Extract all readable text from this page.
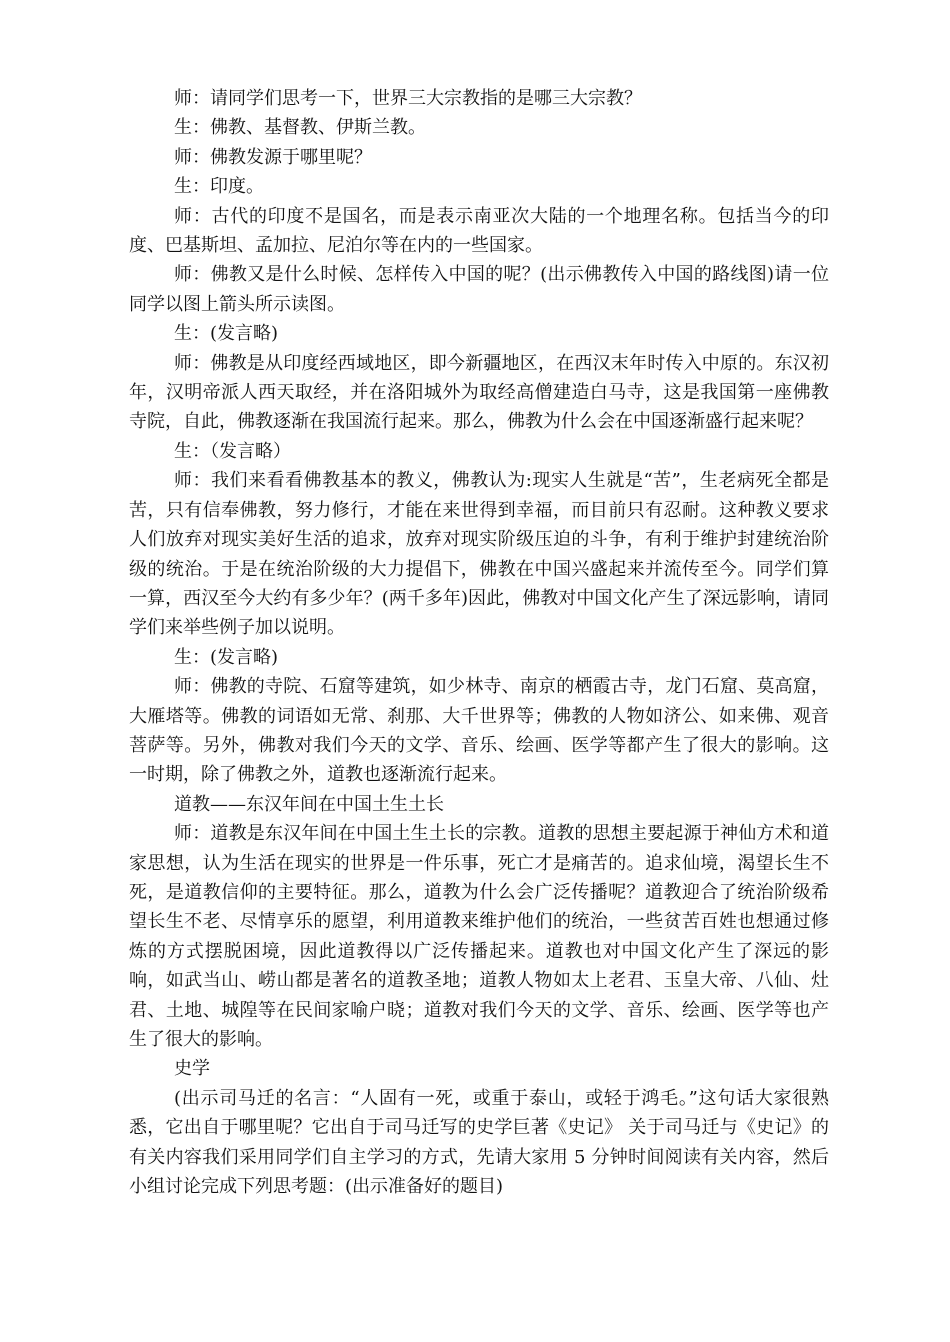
师：请同学们思考一下，世界三大宗教指的是哪三大宗教？

生：佛教、基督教、伊斯兰教。

师：佛教发源于哪里呢？

生：印度。

师：古代的印度不是国名，而是表示南亚次大陆的一个地理名称。包括当今的印度、巴基斯坦、孟加拉、尼泊尔等在内的一些国家。

师：佛教又是什么时候、怎样传入中国的呢？(出示佛教传入中国的路线图)请一位同学以图上箭头所示读图。

生：(发言略)

师：佛教是从印度经西域地区，即今新疆地区，在西汉末年时传入中原的。东汉初年，汉明帝派人西天取经，并在洛阳城外为取经高僧建造白马寺，这是我国第一座佛教寺院，自此，佛教逐渐在我国流行起来。那么，佛教为什么会在中国逐渐盛行起来呢？

生：（发言略）

师：我们来看看佛教基本的教义，佛教认为:现实人生就是“苦”，生老病死全都是苦，只有信奉佛教，努力修行，才能在来世得到幸福，而目前只有忍耐。这种教义要求人们放弃对现实美好生活的追求，放弃对现实阶级压迫的斗争，有利于维护封建统治阶级的统治。于是在统治阶级的大力提倡下，佛教在中国兴盛起来并流传至今。同学们算一算，西汉至今大约有多少年？(两千多年)因此，佛教对中国文化产生了深远影响，请同学们来举些例子加以说明。

生：(发言略)

师：佛教的寺院、石窟等建筑，如少林寺、南京的栖霞古寺，龙门石窟、莫高窟，大雁塔等。佛教的词语如无常、刹那、大千世界等；佛教的人物如济公、如来佛、观音菩萨等。另外，佛教对我们今天的文学、音乐、绘画、医学等都产生了很大的影响。这一时期，除了佛教之外，道教也逐渐流行起来。

道教——东汉年间在中国土生土长

师：道教是东汉年间在中国土生土长的宗教。道教的思想主要起源于神仙方术和道家思想，认为生活在现实的世界是一件乐事，死亡才是痛苦的。追求仙境，渴望长生不死，是道教信仰的主要特征。那么，道教为什么会广泛传播呢？道教迎合了统治阶级希望长生不老、尽情享乐的愿望，利用道教来维护他们的统治，一些贫苦百姓也想通过修炼的方式摆脱困境，因此道教得以广泛传播起来。道教也对中国文化产生了深远的影响，如武当山、崂山都是著名的道教圣地；道教人物如太上老君、玉皇大帝、八仙、灶君、土地、城隍等在民间家喻户晓；道教对我们今天的文学、音乐、绘画、医学等也产生了很大的影响。

史学

(出示司马迁的名言：“人固有一死，或重于泰山，或轻于鸿毛。”这句话大家很熟悉，它出自于哪里呢？它出自于司马迁写的史学巨著《史记》 关于司马迁与《史记》的有关内容我们采用同学们自主学习的方式，先请大家用 5 分钟时间阅读有关内容，然后小组讨论完成下列思考题：(出示准备好的题目)
